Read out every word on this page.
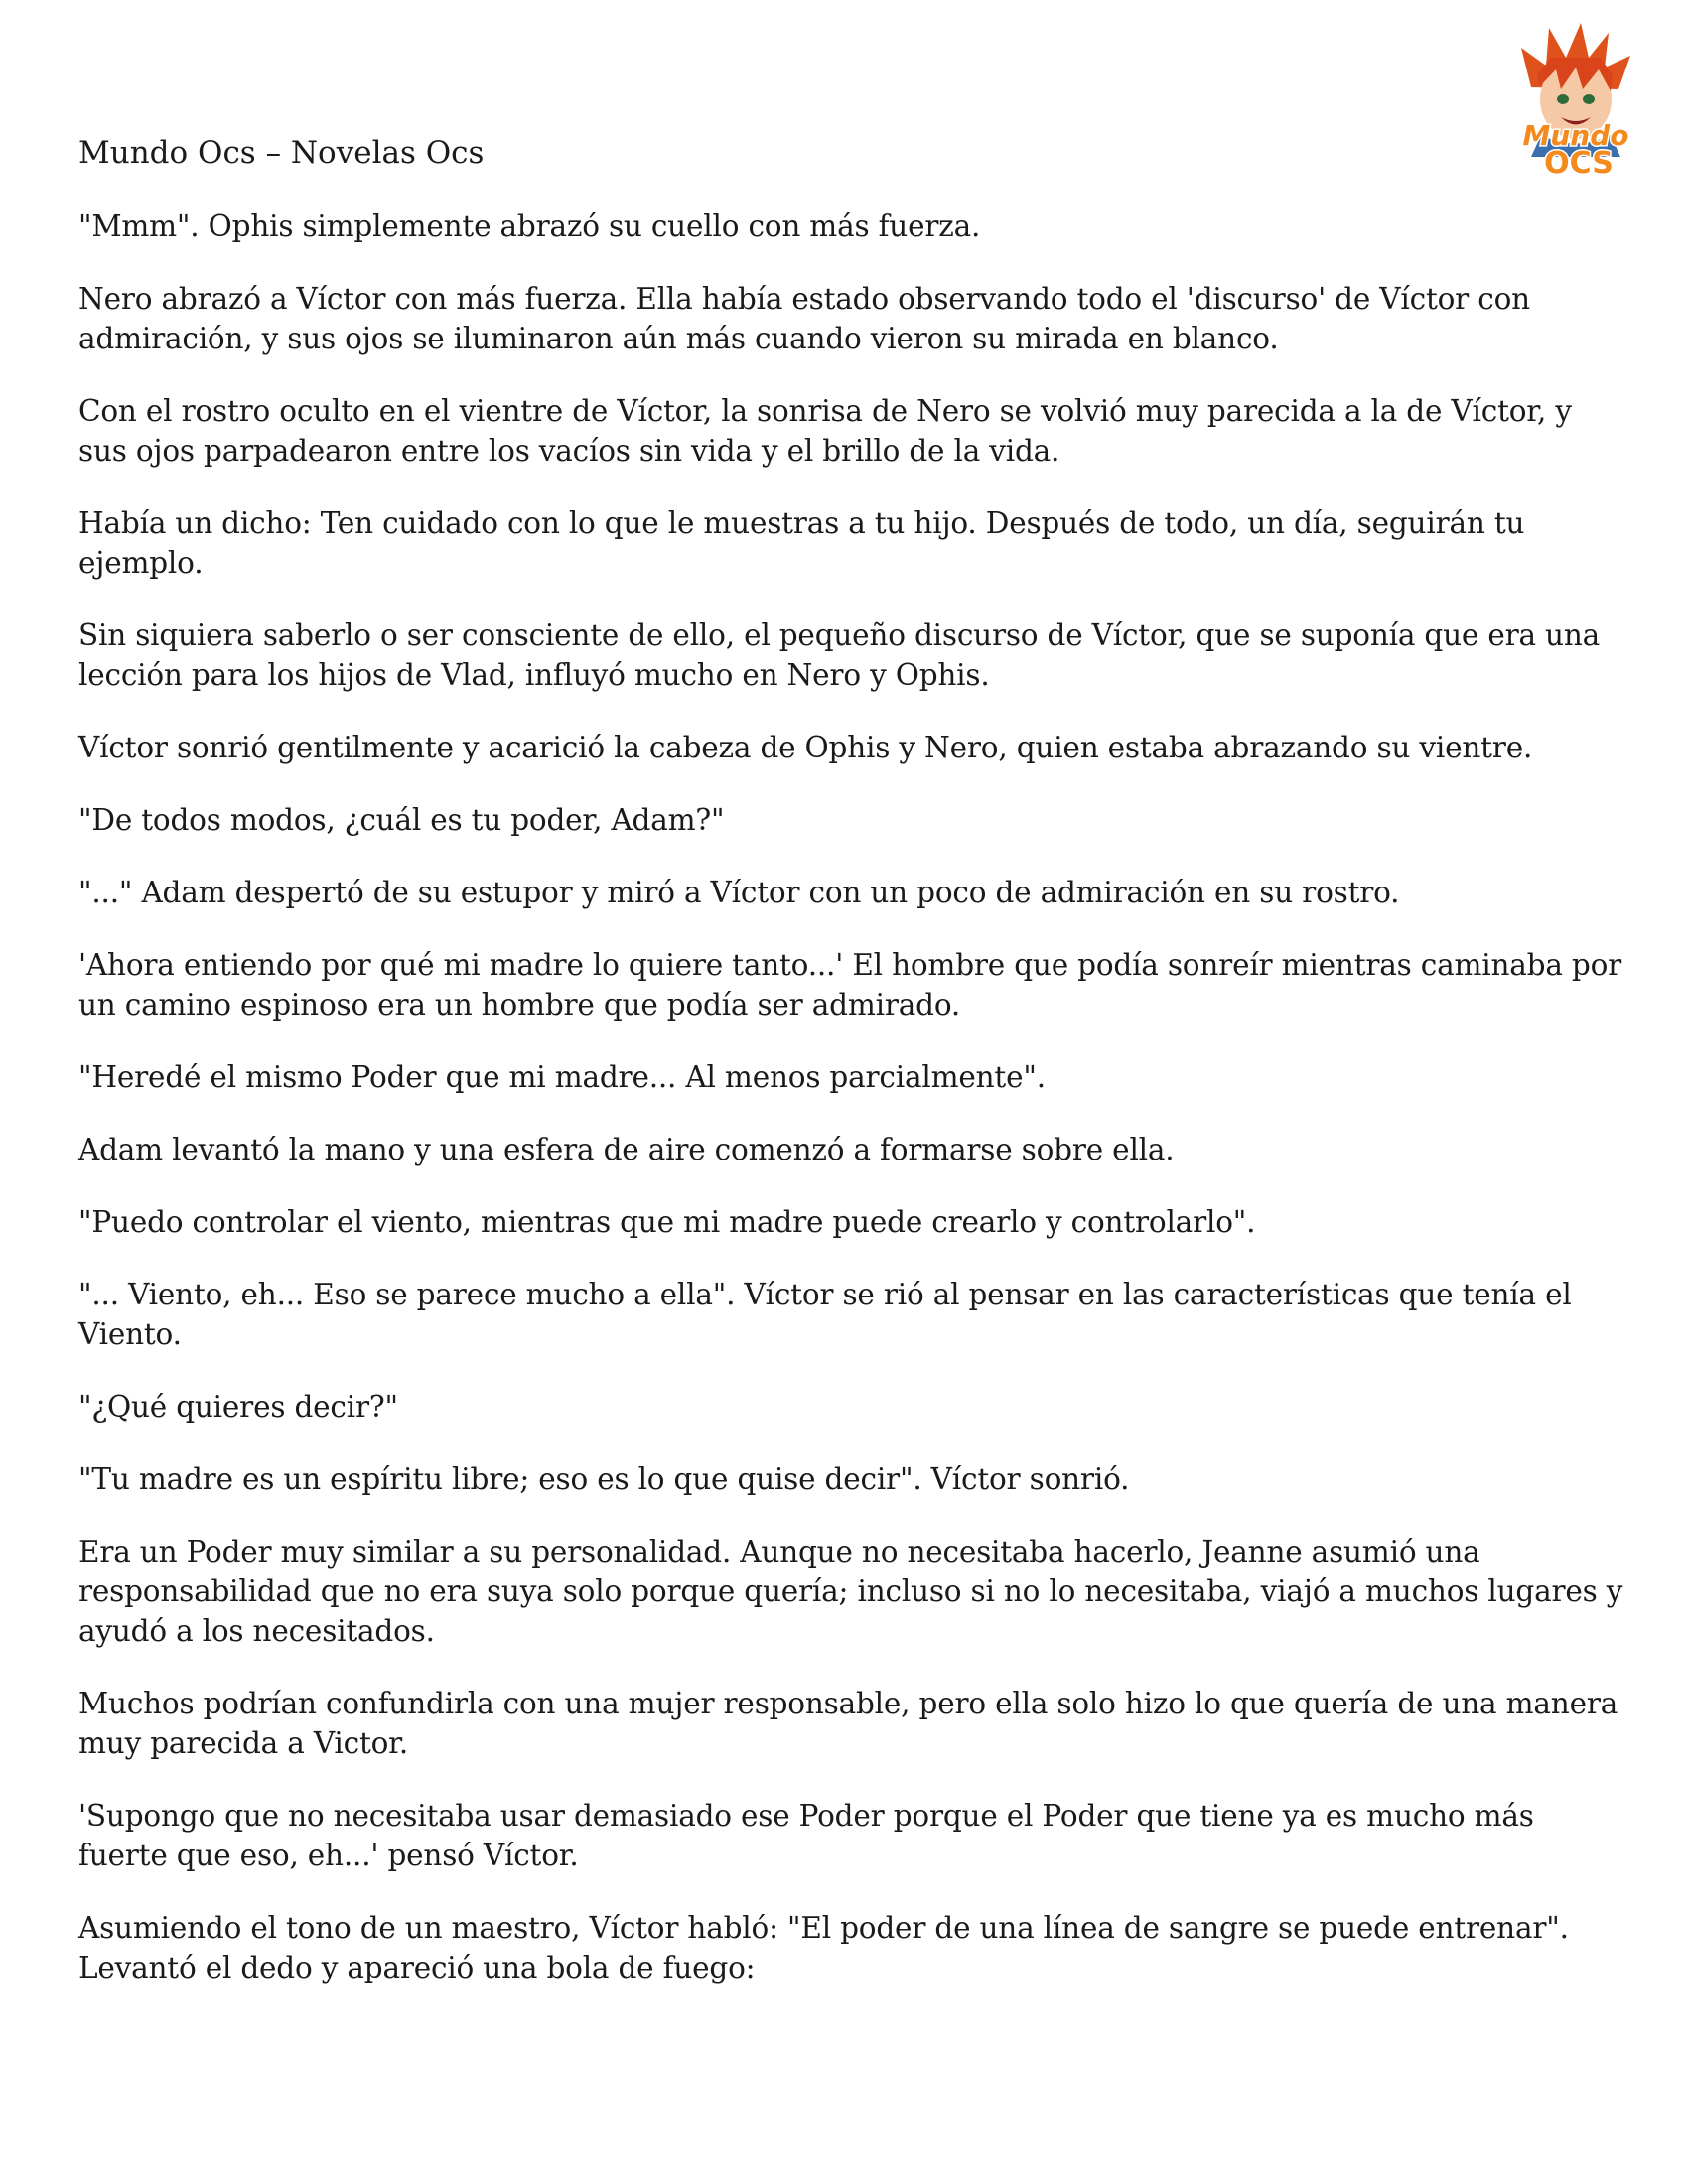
Mundo Ocs – Novelas Ocs	Mundo
OCS

"Mmm". Ophis simplemente abrazó su cuello con más fuerza.

Nero abrazó a Víctor con más fuerza. Ella había estado observando todo el 'discurso' de Víctor con admiración, y sus ojos se iluminaron aún más cuando vieron su mirada en blanco.

Con el rostro oculto en el vientre de Víctor, la sonrisa de Nero se volvió muy parecida a la de Víctor, y sus ojos parpadearon entre los vacíos sin vida y el brillo de la vida.

Había un dicho: Ten cuidado con lo que le muestras a tu hijo. Después de todo, un día, seguirán tu ejemplo.

Sin siquiera saberlo o ser consciente de ello, el pequeño discurso de Víctor, que se suponía que era una lección para los hijos de Vlad, influyó mucho en Nero y Ophis.

Víctor sonrió gentilmente y acarició la cabeza de Ophis y Nero, quien estaba abrazando su vientre.

"De todos modos, ¿cuál es tu poder, Adam?"

"..." Adam despertó de su estupor y miró a Víctor con un poco de admiración en su rostro.

'Ahora entiendo por qué mi madre lo quiere tanto...' El hombre que podía sonreír mientras caminaba por un camino espinoso era un hombre que podía ser admirado.

"Heredé el mismo Poder que mi madre... Al menos parcialmente".

Adam levantó la mano y una esfera de aire comenzó a formarse sobre ella.

"Puedo controlar el viento, mientras que mi madre puede crearlo y controlarlo".

"... Viento, eh... Eso se parece mucho a ella". Víctor se rió al pensar en las características que tenía el Viento.

"¿Qué quieres decir?"

"Tu madre es un espíritu libre; eso es lo que quise decir". Víctor sonrió.

Era un Poder muy similar a su personalidad. Aunque no necesitaba hacerlo, Jeanne asumió una responsabilidad que no era suya solo porque quería; incluso si no lo necesitaba, viajó a muchos lugares y ayudó a los necesitados.

Muchos podrían confundirla con una mujer responsable, pero ella solo hizo lo que quería de una manera muy parecida a Victor.

'Supongo que no necesitaba usar demasiado ese Poder porque el Poder que tiene ya es mucho más fuerte que eso, eh...' pensó Víctor.

Asumiendo el tono de un maestro, Víctor habló: "El poder de una línea de sangre se puede entrenar". Levantó el dedo y apareció una bola de fuego:
